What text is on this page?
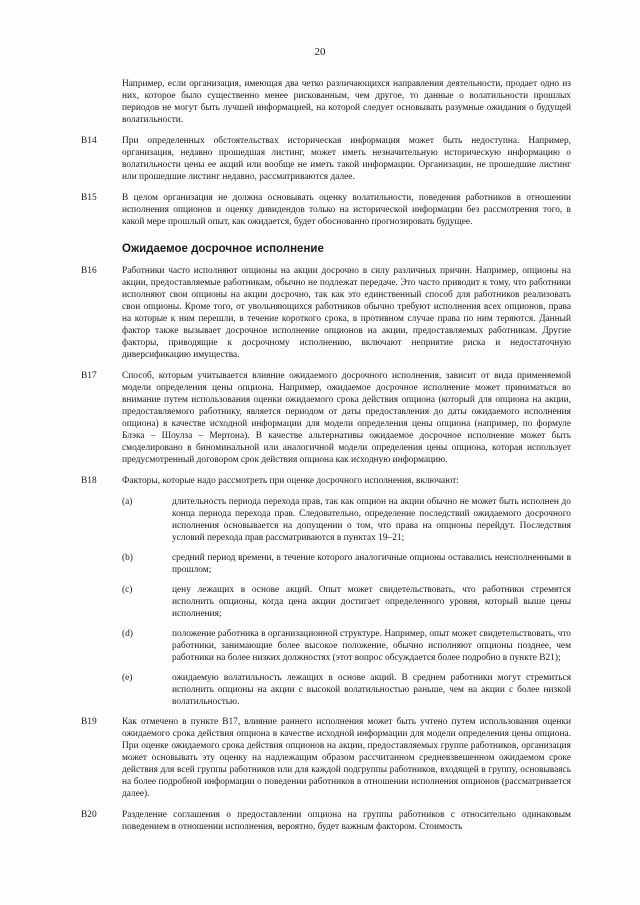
20
Например, если организация, имеющая два четко различающихся направления деятельности, продает одно из них, которое было существенно менее рискованным, чем другое, то данные о волатильности прошлых периодов не могут быть лучшей информацией, на которой следует основывать разумные ожидания о будущей волатильности.
B14	При определенных обстоятельствах историческая информация может быть недоступна. Например, организация, недавно прошедшая листинг, может иметь незначительную историческую информацию о волатильности цены ее акций или вообще не иметь такой информации. Организации, не прошедшие листинг или прошедшие листинг недавно, рассматриваются далее.
B15	В целом организация не должна основывать оценку волатильности, поведения работников в отношении исполнения опционов и оценку дивидендов только на исторической информации без рассмотрения того, в какой мере прошлый опыт, как ожидается, будет обоснованно прогнозировать будущее.
Ожидаемое досрочное исполнение
B16	Работники часто исполняют опционы на акции досрочно в силу различных причин. Например, опционы на акции, предоставляемые работникам, обычно не подлежат передаче. Это часто приводит к тому, что работники исполняют свои опционы на акции досрочно, так как это единственный способ для работников реализовать свои опционы. Кроме того, от увольняющихся работников обычно требуют исполнения всех опционов, права на которые к ним перешли, в течение короткого срока, в противном случае права по ним теряются. Данный фактор также вызывает досрочное исполнение опционов на акции, предоставляемых работникам. Другие факторы, приводящие к досрочному исполнению, включают неприятие риска и недостаточную диверсификацию имущества.
B17	Способ, которым учитывается влияние ожидаемого досрочного исполнения, зависит от вида применяемой модели определения цены опциона. Например, ожидаемое досрочное исполнение может приниматься во внимание путем использования оценки ожидаемого срока действия опциона (который для опциона на акции, предоставляемого работнику, является периодом от даты предоставления до даты ожидаемого исполнения опциона) в качестве исходной информации для модели определения цены опциона (например, по формуле Блэка – Шоулза – Мертона). В качестве альтернативы ожидаемое досрочное исполнение может быть смоделировано в биноминальной или аналогичной модели определения цены опциона, которая использует предусмотренный договором срок действия опциона как исходную информацию.
B18	Факторы, которые надо рассмотреть при оценке досрочного исполнения, включают:
(a)	длительность периода перехода прав, так как опцион на акции обычно не может быть исполнен до конца периода перехода прав. Следовательно, определение последствий ожидаемого досрочного исполнения основывается на допущении о том, что права на опционы перейдут. Последствия условий перехода прав рассматриваются в пунктах 19–21;
(b)	средний период времени, в течение которого аналогичные опционы оставались неисполненными в прошлом;
(c)	цену лежащих в основе акций. Опыт может свидетельствовать, что работники стремятся исполнить опционы, когда цена акции достигает определенного уровня, который выше цены исполнения;
(d)	положение работника в организационной структуре. Например, опыт может свидетельствовать, что работники, занимающие более высокое положение, обычно исполняют опционы позднее, чем работники на более низких должностях (этот вопрос обсуждается более подробно в пункте B21);
(e)	ожидаемую волатильность лежащих в основе акций. В среднем работники могут стремиться исполнить опционы на акции с высокой волатильностью раньше, чем на акции с более низкой волатильностью.
B19	Как отмечено в пункте B17, влияние раннего исполнения может быть учтено путем использования оценки ожидаемого срока действия опциона в качестве исходной информации для модели определения цены опциона. При оценке ожидаемого срока действия опционов на акции, предоставляемых группе работников, организация может основывать эту оценку на надлежащим образом рассчитанном средневзвешенном ожидаемом сроке действия для всей группы работников или для каждой подгруппы работников, входящей в группу, основываясь на более подробной информации о поведении работников в отношении исполнения опционов (рассматривается далее).
B20	Разделение соглашения о предоставлении опциона на группы работников с относительно одинаковым поведением в отношении исполнения, вероятно, будет важным фактором. Стоимость
